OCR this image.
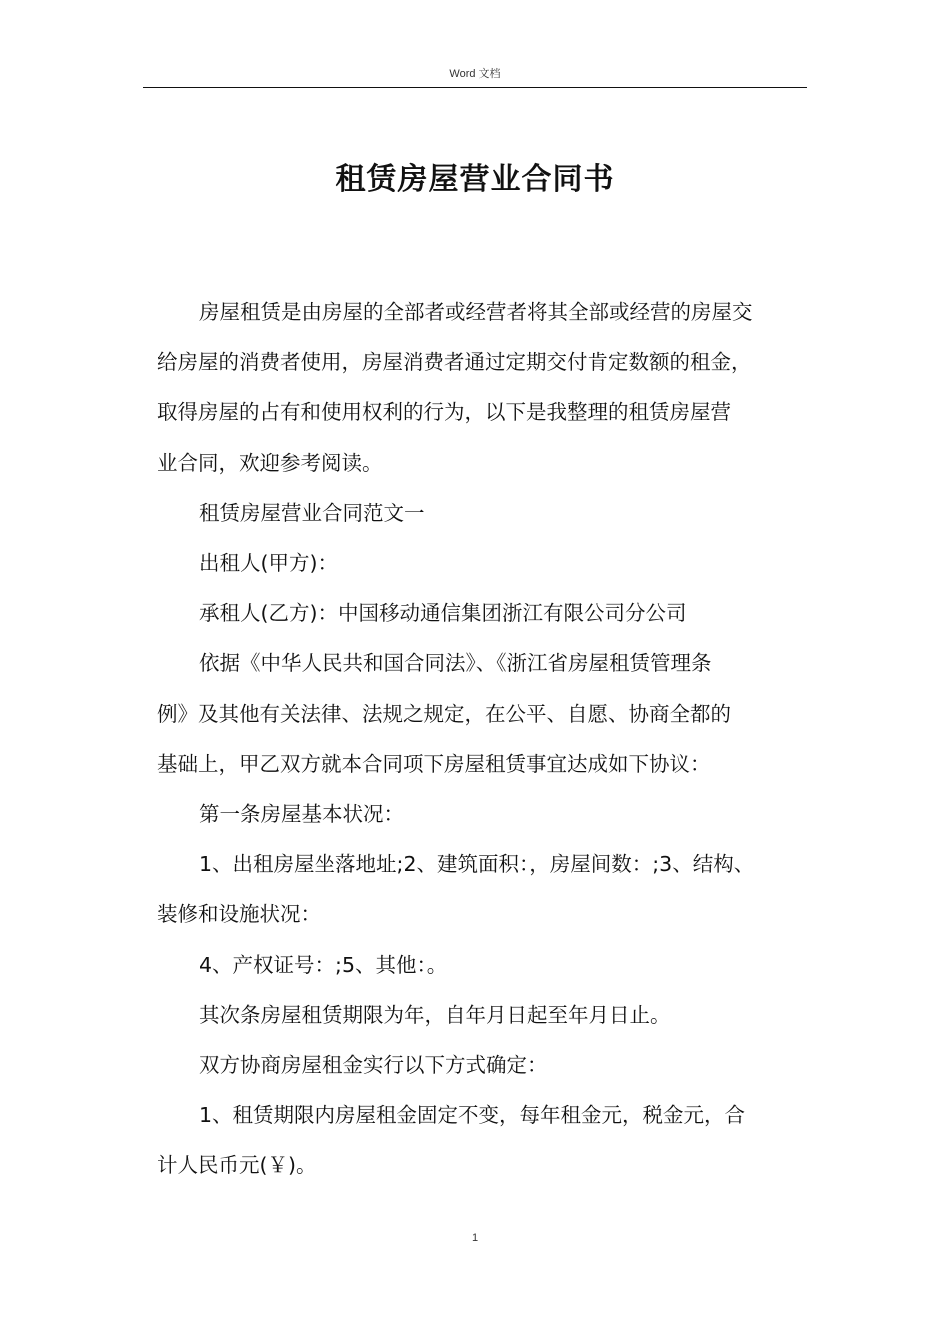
Word 文档
租赁房屋营业合同书

房屋租赁是由房屋的全部者或经营者将其全部或经营的房屋交
给房屋的消费者使用，房屋消费者通过定期交付肯定数额的租金，
取得房屋的占有和使用权利的行为，以下是我整理的租赁房屋营
业合同，欢迎参考阅读。

租赁房屋营业合同范文一

出租人(甲方)：

承租人(乙方)：中国移动通信集团浙江有限公司分公司

依据《中华人民共和国合同法》、《浙江省房屋租赁管理条
例》及其他有关法律、法规之规定，在公平、自愿、协商全都的
基础上，甲乙双方就本合同项下房屋租赁事宜达成如下协议：

第一条房屋基本状况：

1、出租房屋坐落地址;2、建筑面积：，房屋间数：;3、结构、
装修和设施状况：

4、产权证号：;5、其他：。

其次条房屋租赁期限为年，自年月日起至年月日止。

双方协商房屋租金实行以下方式确定：

1、租赁期限内房屋租金固定不变，每年租金元，税金元，合
计人民币元(￥)。

1
